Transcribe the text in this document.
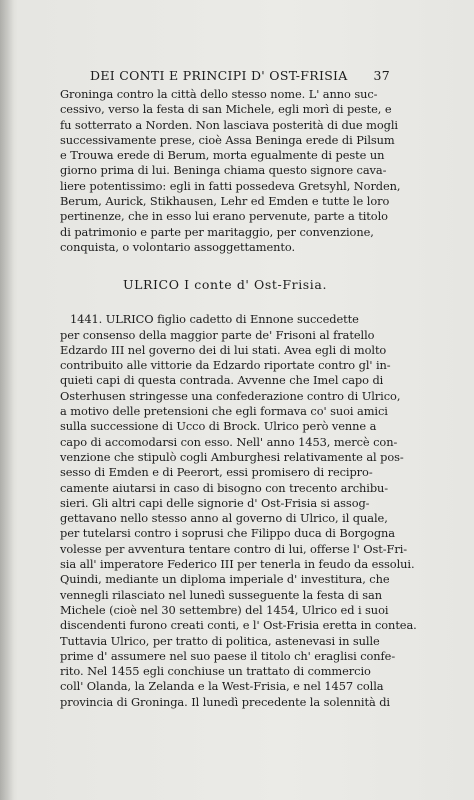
DEI CONTI E PRINCIPI D' OST-FRISIA 37
Groninga contro la città dello stesso nome. L' anno suc-
cessivo, verso la festa di san Michele, egli morì di peste, e
fu sotterrato a Norden. Non lasciava posterità di due mogli
successivamente prese, cioè Assa Beninga erede di Pilsum
e Trouwa erede di Berum, morta egualmente di peste un
giorno prima di lui. Beninga chiama questo signore cava-
liere potentissimo: egli in fatti possedeva Gretsyhl, Norden,
Berum, Aurick, Stikhausen, Lehr ed Emden e tutte le loro
pertinenze, che in esso lui erano pervenute, parte a titolo
di patrimonio e parte per maritaggio, per convenzione,
conquista, o volontario assoggettamento.
ULRICO I conte d' Ost-Frisia.
1441. ULRICO figlio cadetto di Ennone succedette
per consenso della maggior parte de' Frisoni al fratello
Edzardo III nel governo dei di lui stati. Avea egli di molto
contribuito alle vittorie da Edzardo riportate contro gl' in-
quieti capi di questa contrada. Avvenne che Imel capo di
Osterhusen stringesse una confederazione contro di Ulrico,
a motivo delle pretensioni che egli formava co' suoi amici
sulla successione di Ucco di Brock. Ulrico però venne a
capo di accomodarsi con esso. Nell' anno 1453, mercè con-
venzione che stipulò cogli Amburghesi relativamente al pos-
sesso di Emden e di Peerort, essi promisero di recipro-
camente aiutarsi in caso di bisogno con trecento archibu-
sieri. Gli altri capi delle signorie d' Ost-Frisia si assog-
gettavano nello stesso anno al governo di Ulrico, il quale,
per tutelarsi contro i soprusi che Filippo duca di Borgogna
volesse per avventura tentare contro di lui, offerse l' Ost-Fri-
sia all' imperatore Federico III per tenerla in feudo da essolui.
Quindi, mediante un diploma imperiale d' investitura, che
vennegli rilasciato nel lunedì susseguente la festa di san
Michele (cioè nel 30 settembre) del 1454, Ulrico ed i suoi
discendenti furono creati conti, e l' Ost-Frisia eretta in contea.
Tuttavia Ulrico, per tratto di politica, astenevasi in sulle
prime d' assumere nel suo paese il titolo ch' eraglisi confe-
rito. Nel 1455 egli conchiuse un trattato di commercio
coll' Olanda, la Zelanda e la West-Frisia, e nel 1457 colla
provincia di Groninga. Il lunedì precedente la solennità di
